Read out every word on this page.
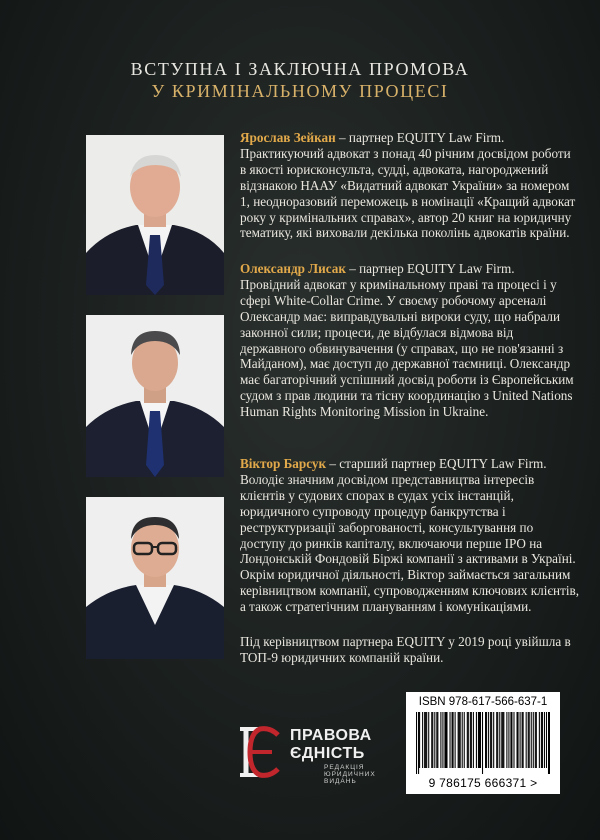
ВСТУПНА І ЗАКЛЮЧНА ПРОМОВА
У КРИМІНАЛЬНОМУ ПРОЦЕСІ
Ярослав Зейкан – партнер EQUITY Law Firm.
Практикуючий адвокат з понад 40 річним досвідом роботи в якості юрисконсульта, судді, адвоката, нагороджений відзнакою НААУ «Видатний адвокат України» за номером 1, неодноразовий переможець в номінації «Кращий адвокат року у кримінальних справах», автор 20 книг на юридичну тематику, які виховали декілька поколінь адвокатів країни.
Олександр Лисак – партнер EQUITY Law Firm.
Провідний адвокат у кримінальному праві та процесі і у сфері White-Collar Crime. У своєму робочому арсеналі Олександр має: виправдувальні вироки суду, що набрали законної сили; процеси, де відбулася відмова від державного обвинувачення (у справах, що не пов'язанні з Майданом), має доступ до державної таємниці. Олександр має багаторічний успішний досвід роботи із Європейським судом з прав людини та тісну координацію з United Nations Human Rights Monitoring Mission in Ukraine.
Віктор Барсук – старший партнер EQUITY Law Firm.
Володіє значним досвідом представництва інтересів клієнтів у судових спорах в судах усіх інстанцій, юридичного супроводу процедур банкрутства і реструктуризації заборгованості, консультування по доступу до ринків капіталу, включаючи перше IPO на Лондонській Фондовій Біржі компанії з активами в Україні. Окрім юридичної діяльності, Віктор займається загальним керівництвом компанії, супроводженням ключових клієнтів, а також стратегічним плануванням і комунікаціями.
Під керівництвом партнера EQUITY у 2019 році увійшла в ТОП-9 юридичних компаній країни.
ПРАВОВА
ЄДНІСТЬ
РЕДАКЦІЯ ЮРИДИЧНИХ ВИДАНЬ
ISBN 978-617-566-637-1
9 786175 666371 >
